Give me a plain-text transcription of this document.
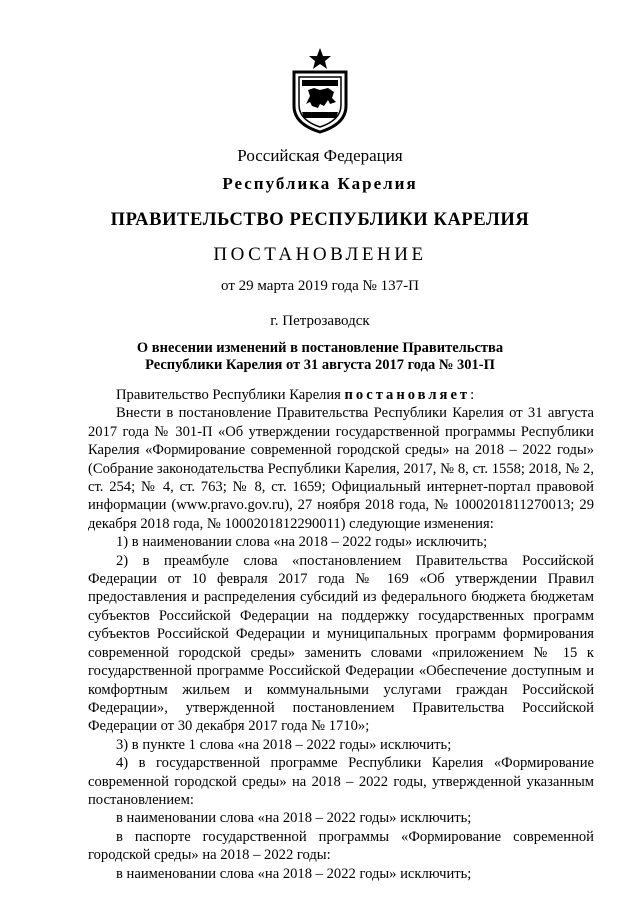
Российская Федерация
Республика Карелия
ПРАВИТЕЛЬСТВО РЕСПУБЛИКИ КАРЕЛИЯ
ПОСТАНОВЛЕНИЕ
от 29 марта 2019 года № 137-П
г. Петрозаводск
О внесении изменений в постановление Правительства
Республики Карелия от 31 августа 2017 года № 301-П

Правительство Республики Карелия постановляет:

Внести в постановление Правительства Республики Карелия от 31 августа 2017 года № 301-П «Об утверждении государственной программы Республики Карелия «Формирование современной городской среды» на 2018 – 2022 годы» (Собрание законодательства Республики Карелия, 2017, № 8, ст. 1558; 2018, № 2, ст. 254; № 4, ст. 763; № 8, ст. 1659; Официальный интернет-портал правовой информации (www.pravo.gov.ru), 27 ноября 2018 года, № 1000201811270013; 29 декабря 2018 года, № 1000201812290011) следующие изменения:

1) в наименовании слова «на 2018 – 2022 годы» исключить;

2) в преамбуле слова «постановлением Правительства Российской Федерации от 10 февраля 2017 года № 169 «Об утверждении Правил предоставления и распределения субсидий из федерального бюджета бюджетам субъектов Российской Федерации на поддержку государственных программ субъектов Российской Федерации и муниципальных программ формирования современной городской среды» заменить словами «приложением № 15 к государственной программе Российской Федерации «Обеспечение доступным и комфортным жильем и коммунальными услугами граждан Российской Федерации», утвержденной постановлением Правительства Российской Федерации от 30 декабря 2017 года № 1710»;

3) в пункте 1 слова «на 2018 – 2022 годы» исключить;

4) в государственной программе Республики Карелия «Формирование современной городской среды» на 2018 – 2022 годы, утвержденной указанным постановлением:

в наименовании слова «на 2018 – 2022 годы» исключить;

в паспорте государственной программы «Формирование современной городской среды» на 2018 – 2022 годы:

в наименовании слова «на 2018 – 2022 годы» исключить;
